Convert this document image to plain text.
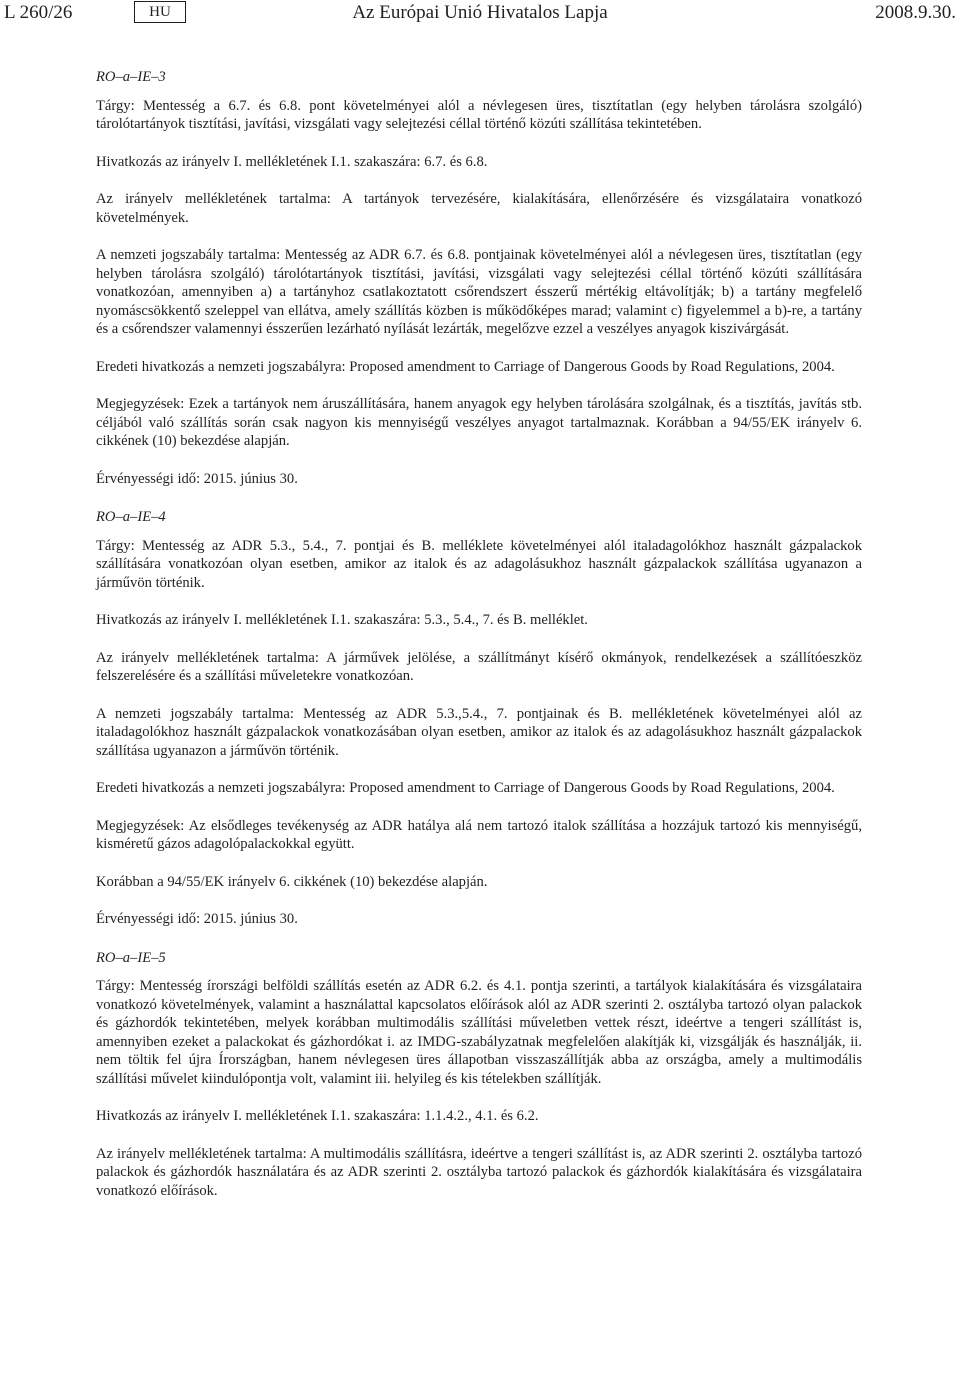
L 260/26	HU	Az Európai Unió Hivatalos Lapja	2008.9.30.

RO–a–IE–3

Tárgy: Mentesség a 6.7. és 6.8. pont követelményei alól a névlegesen üres, tisztítatlan (egy helyben tárolásra szolgáló) tárolótartányok tisztítási, javítási, vizsgálati vagy selejtezési céllal történő közúti szállítása tekintetében.

Hivatkozás az irányelv I. mellékletének I.1. szakaszára: 6.7. és 6.8.

Az irányelv mellékletének tartalma: A tartányok tervezésére, kialakítására, ellenőrzésére és vizsgálataira vonatkozó követelmények.

A nemzeti jogszabály tartalma: Mentesség az ADR 6.7. és 6.8. pontjainak követelményei alól a névlegesen üres, tisztítatlan (egy helyben tárolásra szolgáló) tárolótartányok tisztítási, javítási, vizsgálati vagy selejtezési céllal történő közúti szállítására vonatkozóan, amennyiben a) a tartányhoz csatlakoztatott csőrendszert ésszerű mértékig eltávolítják; b) a tartány megfelelő nyomáscsökkentő szeleppel van ellátva, amely szállítás közben is működőképes marad; valamint c) figyelemmel a b)-re, a tartány és a csőrendszer valamennyi ésszerűen lezárható nyílását lezárták, megelőzve ezzel a veszélyes anyagok kiszivárgását.

Eredeti hivatkozás a nemzeti jogszabályra: Proposed amendment to Carriage of Dangerous Goods by Road Regulations, 2004.

Megjegyzések: Ezek a tartányok nem áruszállítására, hanem anyagok egy helyben tárolására szolgálnak, és a tisztítás, javítás stb. céljából való szállítás során csak nagyon kis mennyiségű veszélyes anyagot tartalmaznak. Korábban a 94/55/EK irányelv 6. cikkének (10) bekezdése alapján.

Érvényességi idő: 2015. június 30.

RO–a–IE–4

Tárgy: Mentesség az ADR 5.3., 5.4., 7. pontjai és B. melléklete követelményei alól italadagolókhoz használt gázpalackok szállítására vonatkozóan olyan esetben, amikor az italok és az adagolásukhoz használt gázpalackok szállítása ugyanazon a járművön történik.

Hivatkozás az irányelv I. mellékletének I.1. szakaszára: 5.3., 5.4., 7. és B. melléklet.

Az irányelv mellékletének tartalma: A járművek jelölése, a szállítmányt kísérő okmányok, rendelkezések a szállítóeszköz felszerelésére és a szállítási műveletekre vonatkozóan.

A nemzeti jogszabály tartalma: Mentesség az ADR 5.3.,5.4., 7. pontjainak és B. mellékletének követelményei alól az italadagolókhoz használt gázpalackok vonatkozásában olyan esetben, amikor az italok és az adagolásukhoz használt gázpalackok szállítása ugyanazon a járművön történik.

Eredeti hivatkozás a nemzeti jogszabályra: Proposed amendment to Carriage of Dangerous Goods by Road Regulations, 2004.

Megjegyzések: Az elsődleges tevékenység az ADR hatálya alá nem tartozó italok szállítása a hozzájuk tartozó kis mennyiségű, kisméretű gázos adagolópalackokkal együtt.

Korábban a 94/55/EK irányelv 6. cikkének (10) bekezdése alapján.

Érvényességi idő: 2015. június 30.

RO–a–IE–5

Tárgy: Mentesség írországi belföldi szállítás esetén az ADR 6.2. és 4.1. pontja szerinti, a tartályok kialakítására és vizsgálataira vonatkozó követelmények, valamint a használattal kapcsolatos előírások alól az ADR szerinti 2. osztályba tartozó olyan palackok és gázhordók tekintetében, melyek korábban multimodális szállítási műveletben vettek részt, ideértve a tengeri szállítást is, amennyiben ezeket a palackokat és gázhordókat i. az IMDG-szabályzatnak megfelelően alakítják ki, vizsgálják és használják, ii. nem töltik fel újra Írországban, hanem névlegesen üres állapotban visszaszállítják abba az országba, amely a multimodális szállítási művelet kiindulópontja volt, valamint iii. helyileg és kis tételekben szállítják.

Hivatkozás az irányelv I. mellékletének I.1. szakaszára: 1.1.4.2., 4.1. és 6.2.

Az irányelv mellékletének tartalma: A multimodális szállításra, ideértve a tengeri szállítást is, az ADR szerinti 2. osztályba tartozó palackok és gázhordók használatára és az ADR szerinti 2. osztályba tartozó palackok és gázhordók kialakítására és vizsgálataira vonatkozó előírások.
